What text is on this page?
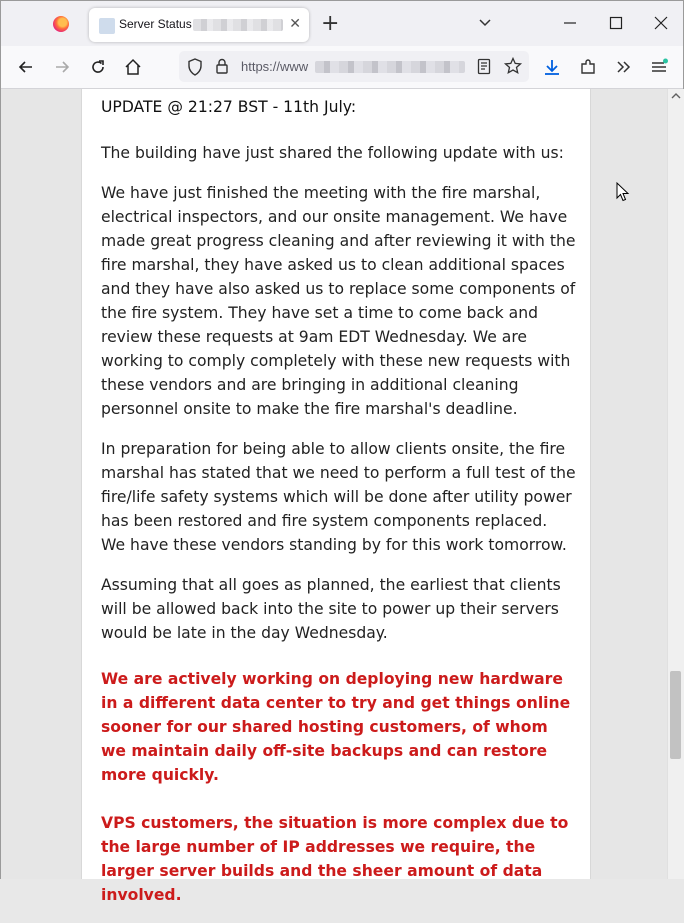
Server Status	✕ +
https://www
UPDATE @ 21:27 BST - 11th July:

The building have just shared the following update with us:

We have just finished the meeting with the fire marshal, electrical inspectors, and our onsite management. We have made great progress cleaning and after reviewing it with the fire marshal, they have asked us to clean additional spaces and they have also asked us to replace some components of the fire system. They have set a time to come back and review these requests at 9am EDT Wednesday. We are working to comply completely with these new requests with these vendors and are bringing in additional cleaning personnel onsite to make the fire marshal's deadline.

In preparation for being able to allow clients onsite, the fire marshal has stated that we need to perform a full test of the fire/life safety systems which will be done after utility power has been restored and fire system components replaced. We have these vendors standing by for this work tomorrow.

Assuming that all goes as planned, the earliest that clients will be allowed back into the site to power up their servers would be late in the day Wednesday.

We are actively working on deploying new hardware in a different data center to try and get things online sooner for our shared hosting customers, of whom we maintain daily off-site backups and can restore more quickly.

VPS customers, the situation is more complex due to the large number of IP addresses we require, the larger server builds and the sheer amount of data involved.
